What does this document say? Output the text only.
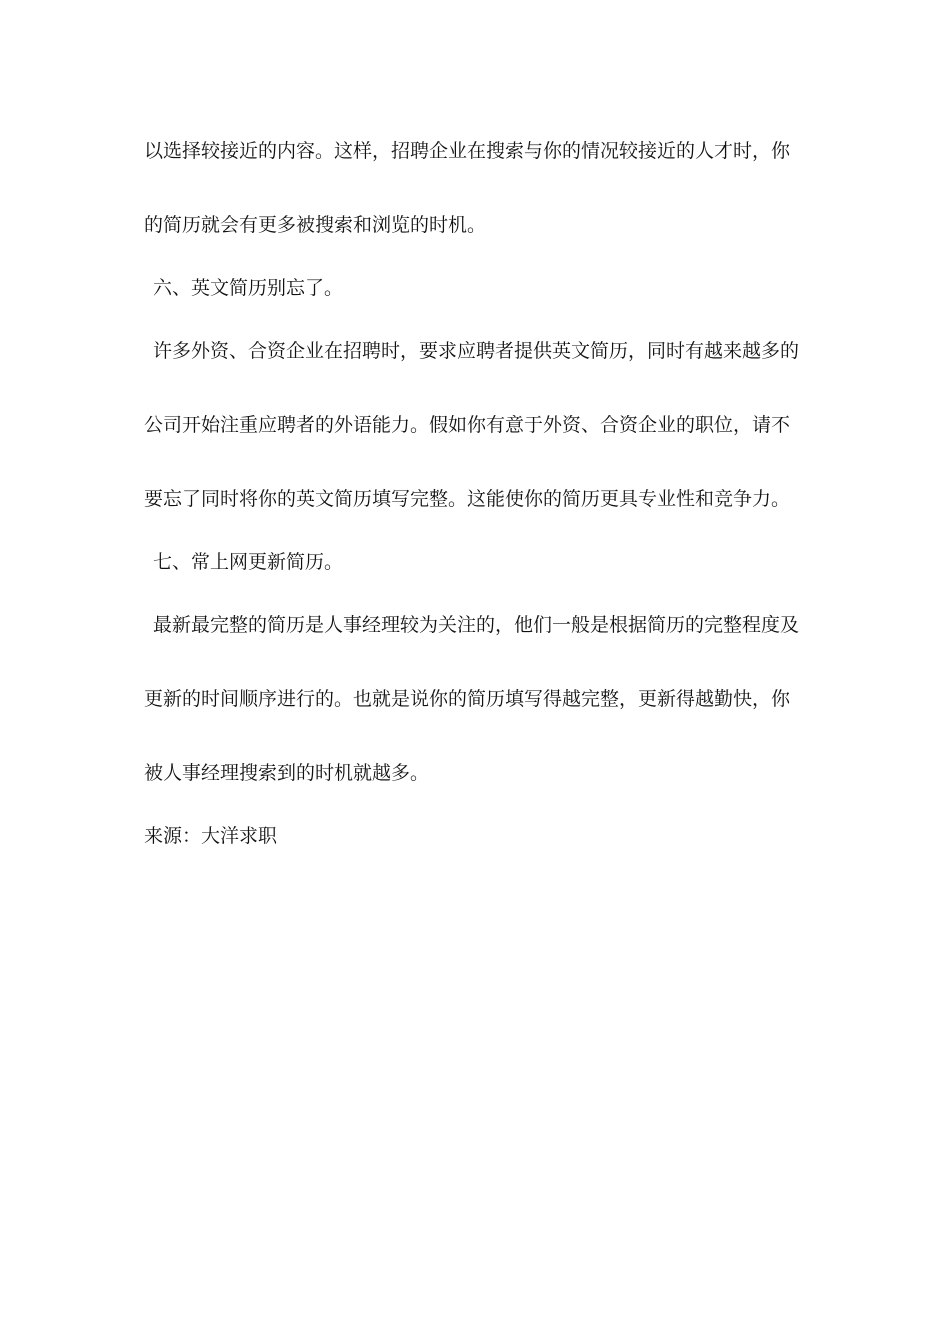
以选择较接近的内容。这样，招聘企业在搜索与你的情况较接近的人才时，你
的简历就会有更多被搜索和浏览的时机。
六、英文简历别忘了。
许多外资、合资企业在招聘时，要求应聘者提供英文简历，同时有越来越多的
公司开始注重应聘者的外语能力。假如你有意于外资、合资企业的职位，请不
要忘了同时将你的英文简历填写完整。这能使你的简历更具专业性和竞争力。
七、常上网更新简历。
最新最完整的简历是人事经理较为关注的，他们一般是根据简历的完整程度及
更新的时间顺序进行的。也就是说你的简历填写得越完整，更新得越勤快，你
被人事经理搜索到的时机就越多。
来源：大洋求职
